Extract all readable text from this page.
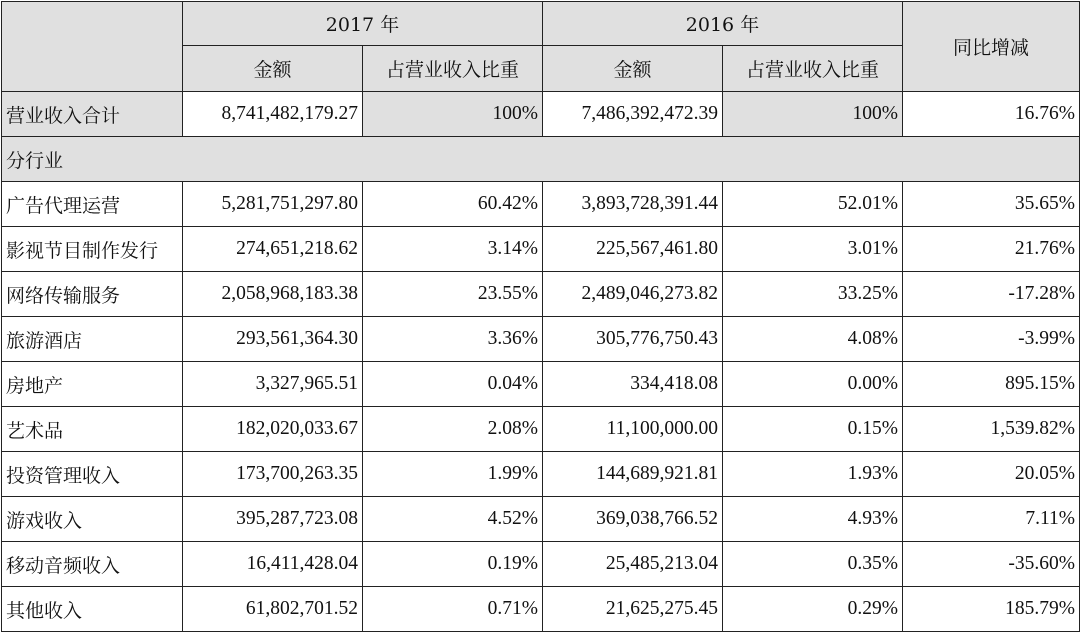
	2017 年		2016 年		同比增减
	金额	占营业收入比重	金额	占营业收入比重	
营业收入合计	8,741,482,179.27	100%	7,486,392,472.39	100%	16.76%
分行业					
广告代理运营	5,281,751,297.80	60.42%	3,893,728,391.44	52.01%	35.65%
影视节目制作发行	274,651,218.62	3.14%	225,567,461.80	3.01%	21.76%
网络传输服务	2,058,968,183.38	23.55%	2,489,046,273.82	33.25%	-17.28%
旅游酒店	293,561,364.30	3.36%	305,776,750.43	4.08%	-3.99%
房地产	3,327,965.51	0.04%	334,418.08	0.00%	895.15%
艺术品	182,020,033.67	2.08%	11,100,000.00	0.15%	1,539.82%
投资管理收入	173,700,263.35	1.99%	144,689,921.81	1.93%	20.05%
游戏收入	395,287,723.08	4.52%	369,038,766.52	4.93%	7.11%
移动音频收入	16,411,428.04	0.19%	25,485,213.04	0.35%	-35.60%
其他收入	61,802,701.52	0.71%	21,625,275.45	0.29%	185.79%
